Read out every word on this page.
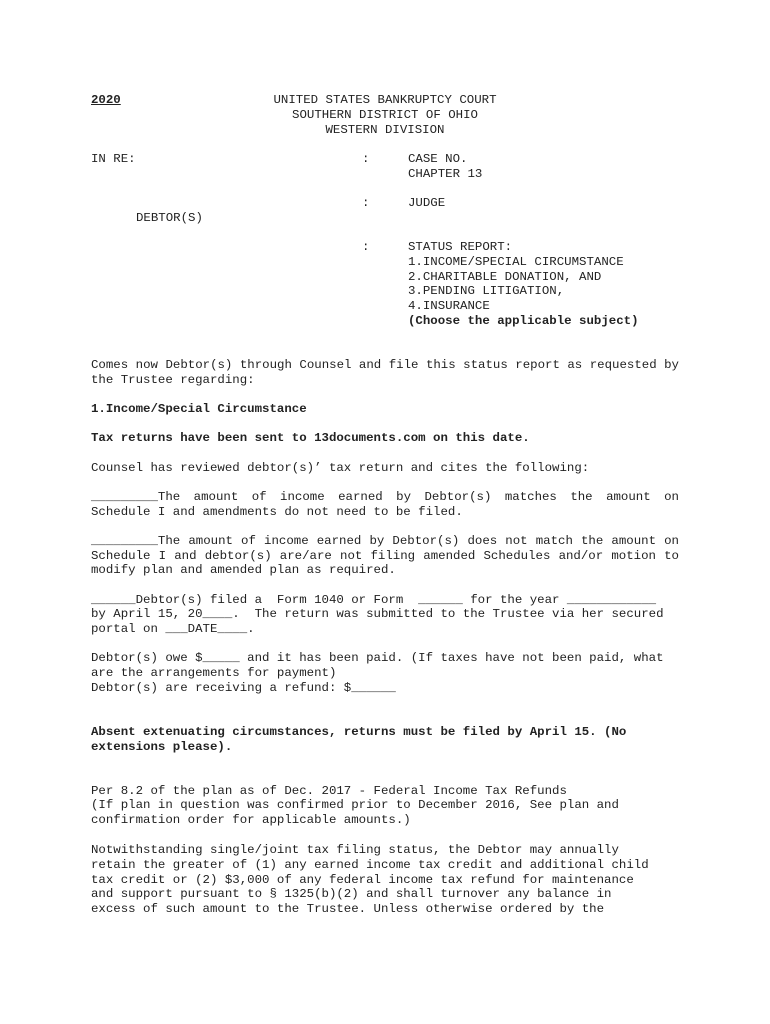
2020	UNITED STATES BANKRUPTCY COURT
SOUTHERN DISTRICT OF OHIO
WESTERN DIVISION
IN RE:	:	CASE NO.
CHAPTER 13
:	JUDGE
DEBTOR(S)
:	STATUS REPORT:
1.INCOME/SPECIAL CIRCUMSTANCE
2.CHARITABLE DONATION, AND
3.PENDING LITIGATION,
4.INSURANCE
(Choose the applicable subject)
Comes now Debtor(s) through Counsel and file this status report as requested by the Trustee regarding:
1.Income/Special Circumstance
Tax returns have been sent to 13documents.com on this date.
Counsel has reviewed debtor(s)’ tax return and cites the following:
_________The amount of income earned by Debtor(s) matches the amount on Schedule I and amendments do not need to be filed.
_________The amount of income earned by Debtor(s) does not match the amount on Schedule I and debtor(s) are/are not filing amended Schedules and/or motion to modify plan and amended plan as required.
______Debtor(s) filed a  Form 1040 or Form  ______ for the year ____________
by April 15, 20____.  The return was submitted to the Trustee via her secured
portal on ___DATE____.
Debtor(s) owe $_____ and it has been paid. (If taxes have not been paid, what
are the arrangements for payment)
Debtor(s) are receiving a refund: $______
Absent extenuating circumstances, returns must be filed by April 15. (No extensions please).
Per 8.2 of the plan as of Dec. 2017 - Federal Income Tax Refunds
(If plan in question was confirmed prior to December 2016, See plan and
confirmation order for applicable amounts.)
Notwithstanding single/joint tax filing status, the Debtor may annually
retain the greater of (1) any earned income tax credit and additional child
tax credit or (2) $3,000 of any federal income tax refund for maintenance
and support pursuant to § 1325(b)(2) and shall turnover any balance in
excess of such amount to the Trustee. Unless otherwise ordered by the
